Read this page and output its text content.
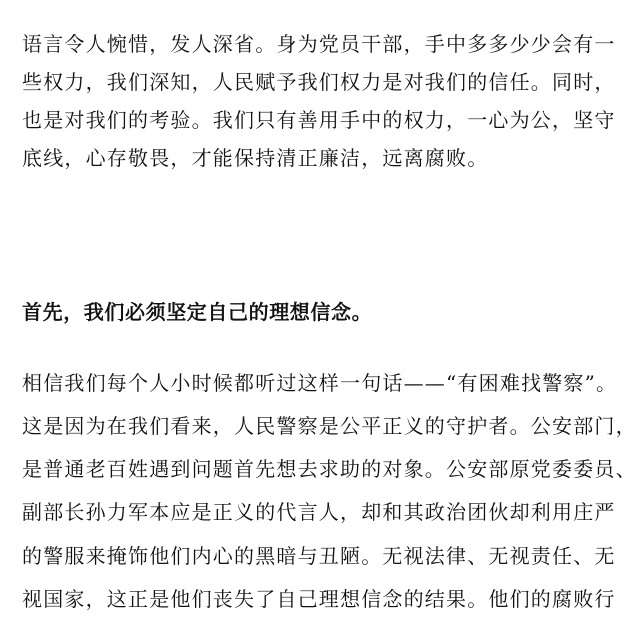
语言令人惋惜，发人深省。身为党员干部，手中多多少少会有一
些权力，我们深知，人民赋予我们权力是对我们的信任。同时，
也是对我们的考验。我们只有善用手中的权力，一心为公，坚守
底线，心存敬畏，才能保持清正廉洁，远离腐败。
首先，我们必须坚定自己的理想信念。
相信我们每个人小时候都听过这样一句话——“有困难找警察”。
这是因为在我们看来，人民警察是公平正义的守护者。公安部门，
是普通老百姓遇到问题首先想去求助的对象。公安部原党委委员、
副部长孙力军本应是正义的代言人，却和其政治团伙却利用庄严
的警服来掩饰他们内心的黑暗与丑陋。无视法律、无视责任、无
视国家，这正是他们丧失了自己理想信念的结果。他们的腐败行
